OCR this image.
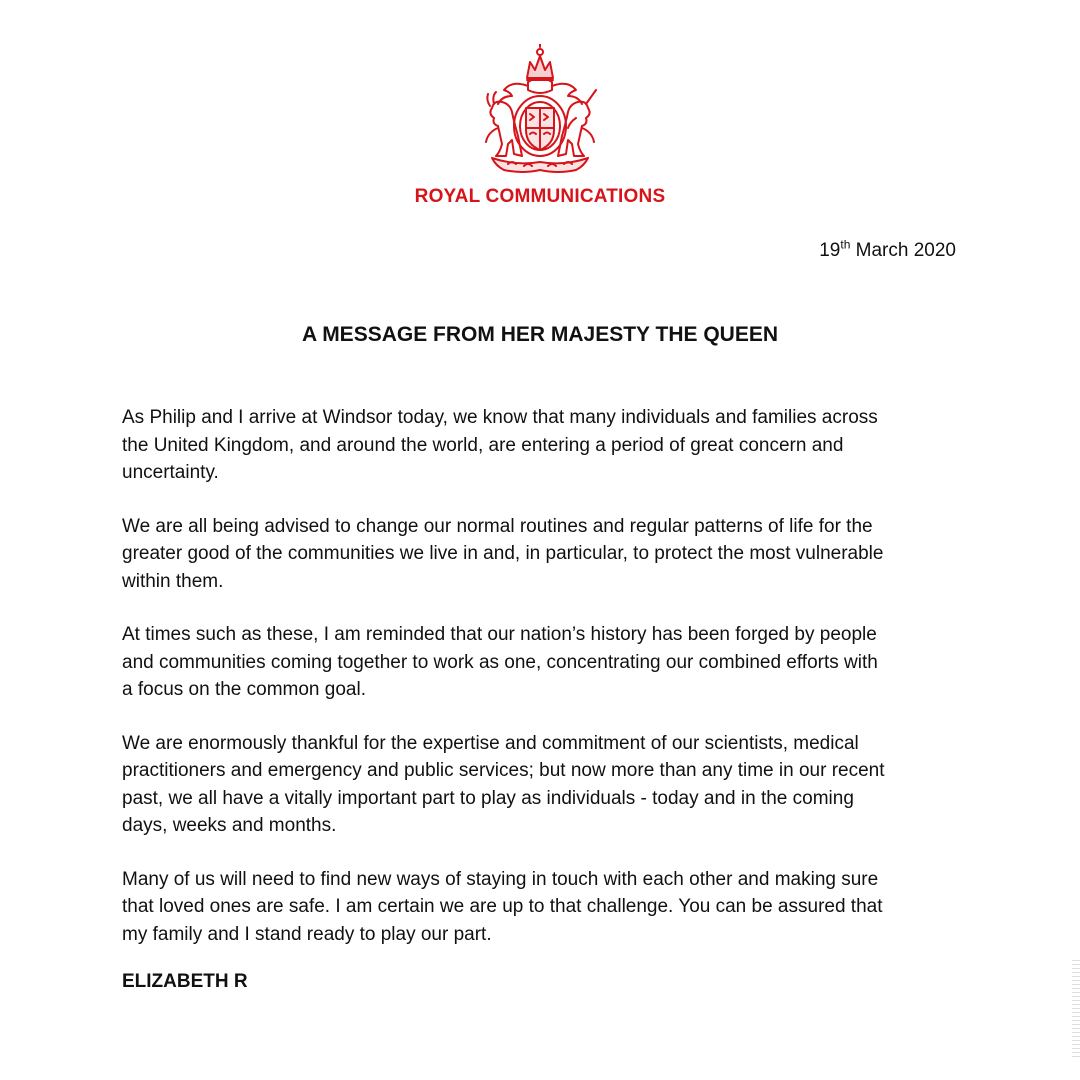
ROYAL COMMUNICATIONS
19th March 2020
A MESSAGE FROM HER MAJESTY THE QUEEN

As Philip and I arrive at Windsor today, we know that many individuals and families across
the United Kingdom, and around the world, are entering a period of great concern and
uncertainty.

We are all being advised to change our normal routines and regular patterns of life for the
greater good of the communities we live in and, in particular, to protect the most vulnerable
within them.

At times such as these, I am reminded that our nation’s history has been forged by people
and communities coming together to work as one, concentrating our combined efforts with
a focus on the common goal.

We are enormously thankful for the expertise and commitment of our scientists, medical
practitioners and emergency and public services; but now more than any time in our recent
past, we all have a vitally important part to play as individuals - today and in the coming
days, weeks and months.

Many of us will need to find new ways of staying in touch with each other and making sure
that loved ones are safe. I am certain we are up to that challenge. You can be assured that
my family and I stand ready to play our part.

ELIZABETH R
